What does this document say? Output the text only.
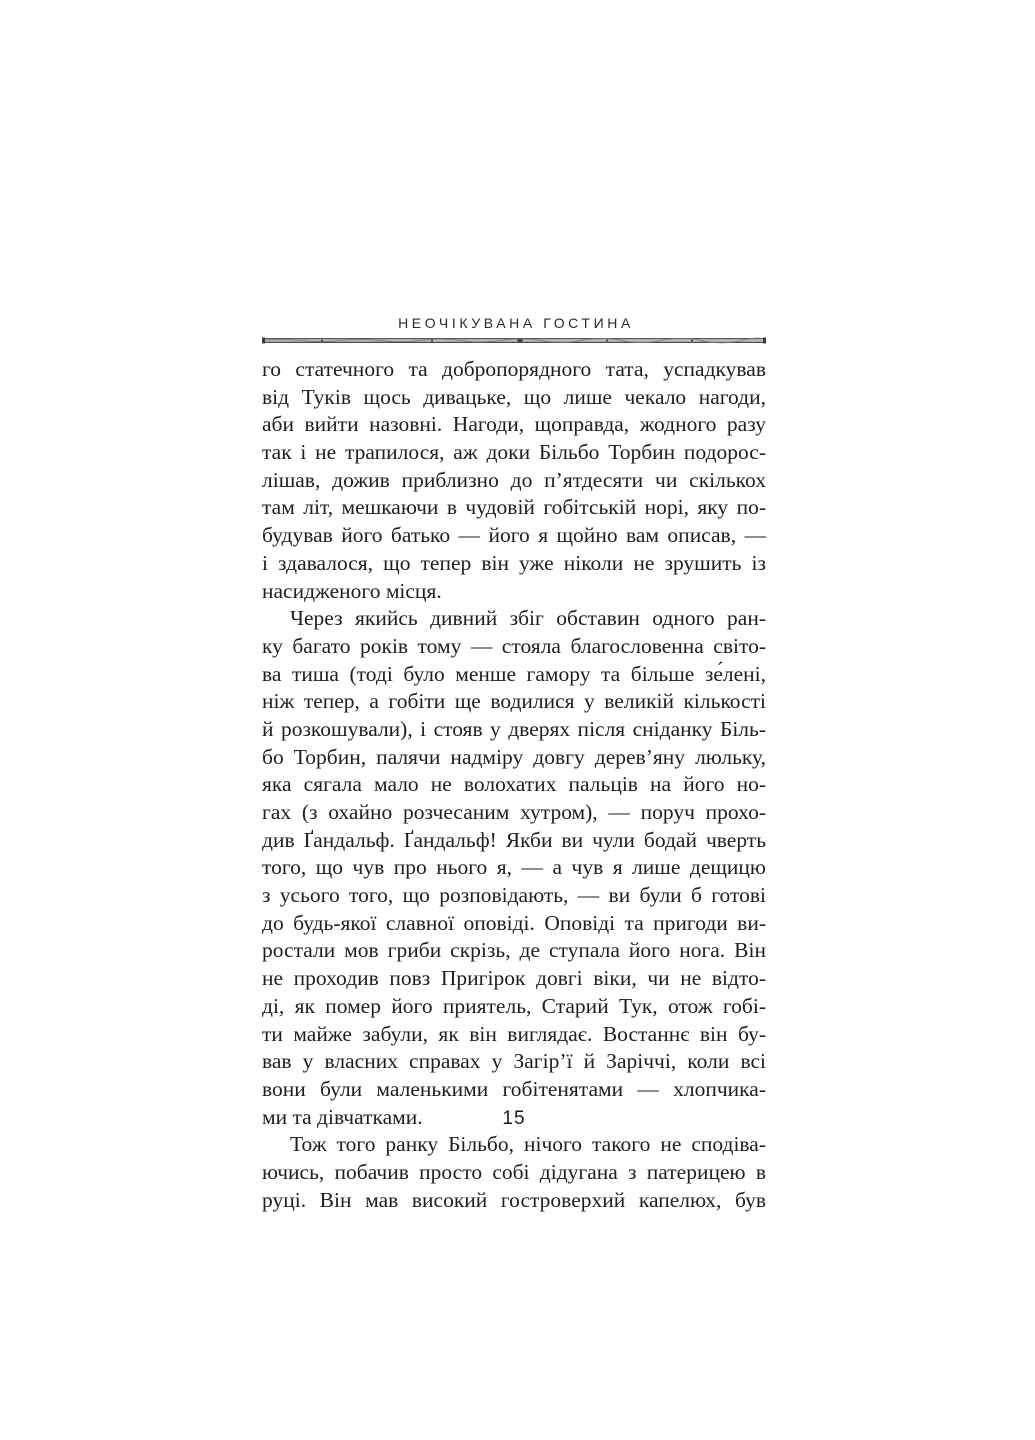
НЕОЧІКУВАНА ГОСТИНА
го статечного та добропорядного тата, успадкував
від Туків щось дивацьке, що лише чекало нагоди,
аби вийти назовні. Нагоди, щоправда, жодного разу
так і не трапилося, аж доки Більбо Торбин подорос-
лішав, дожив приблизно до п’ятдесяти чи скількох
там літ, мешкаючи в чудовій гобітській норі, яку по-
будував його батько — його я щойно вам описав, —
і здавалося, що тепер він уже ніколи не зрушить із
насидженого місця.
Через якийсь дивний збіг обставин одного ран-
ку багато років тому — стояла благословенна світо-
ва тиша (тоді було менше гамору та більше зе́лені,
ніж тепер, а гобіти ще водилися у великій кількості
й розкошували), і стояв у дверях після сніданку Біль-
бо Торбин, палячи надміру довгу дерев’яну люльку,
яка сягала мало не волохатих пальців на його но-
гах (з охайно розчесаним хутром), — поруч прохо-
див Ґандальф. Ґандальф! Якби ви чули бодай чверть
того, що чув про нього я, — а чув я лише дещицю
з усього того, що розповідають, — ви були б готові
до будь-якої славної оповіді. Оповіді та пригоди ви-
ростали мов гриби скрізь, де ступала його нога. Він
не проходив повз Пригірок довгі віки, чи не відто-
ді, як помер його приятель, Старий Тук, отож гобі-
ти майже забули, як він виглядає. Востаннє він бу-
вав у власних справах у Загір’ї й Заріччі, коли всі
вони були маленькими гобітенятами — хлопчика-
ми та дівчатками.
Тож того ранку Більбо, нічого такого не сподіва-
ючись, побачив просто собі дідугана з патерицею в
руці. Він мав високий гостроверхий капелюх, був
15
